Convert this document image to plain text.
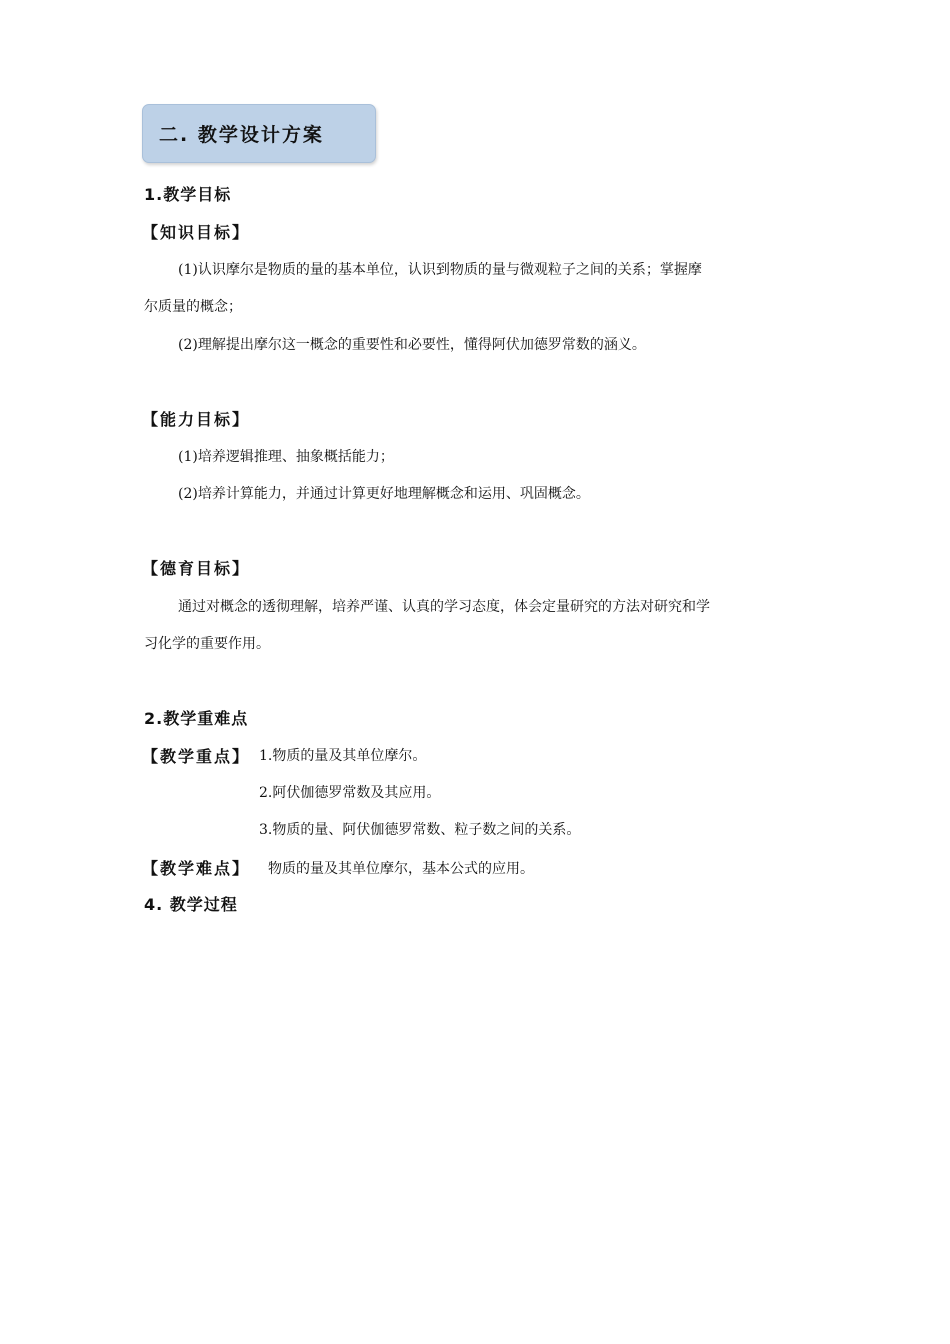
二. 教学设计方案
1.教学目标
【知识目标】
(1)认识摩尔是物质的量的基本单位，认识到物质的量与微观粒子之间的关系；掌握摩
尔质量的概念；
(2)理解提出摩尔这一概念的重要性和必要性，懂得阿伏加德罗常数的涵义。
【能力目标】
(1)培养逻辑推理、抽象概括能力；
(2)培养计算能力，并通过计算更好地理解概念和运用、巩固概念。
【德育目标】
通过对概念的透彻理解，培养严谨、认真的学习态度，体会定量研究的方法对研究和学
习化学的重要作用。
2.教学重难点
【教学重点】 1.物质的量及其单位摩尔。
2.阿伏伽德罗常数及其应用。
3.物质的量、阿伏伽德罗常数、粒子数之间的关系。
【教学难点】 物质的量及其单位摩尔，基本公式的应用。
4. 教学过程
